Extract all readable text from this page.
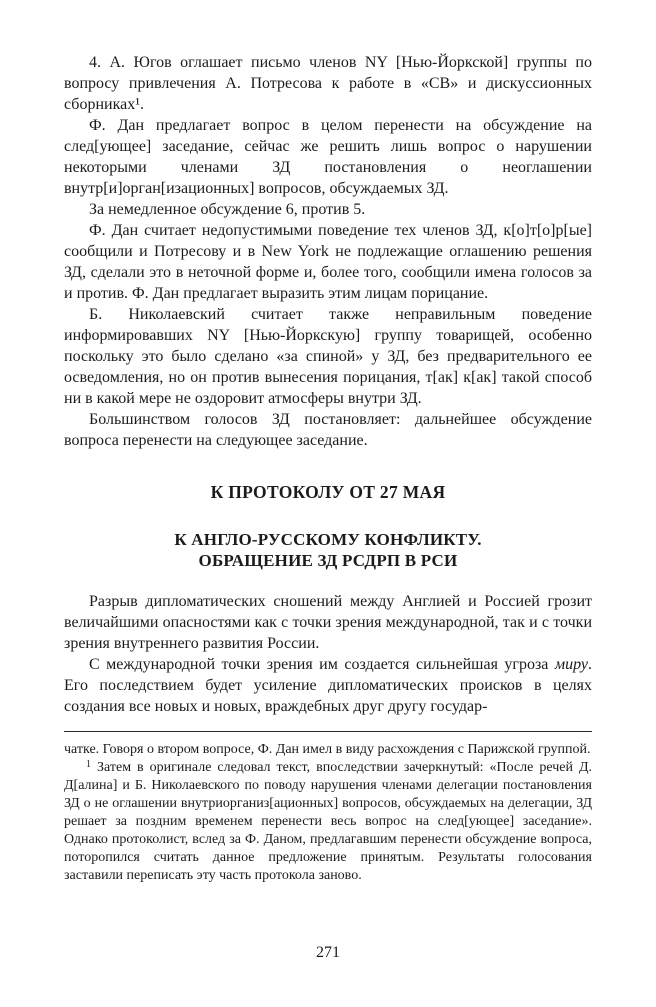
4. А. Югов оглашает письмо членов NY [Нью-Йоркской] группы по вопросу привлечения А. Потресова к работе в «СВ» и дискуссионных сборниках¹.

Ф. Дан предлагает вопрос в целом перенести на обсуждение на след[ующее] заседание, сейчас же решить лишь вопрос о нарушении некоторыми членами ЗД постановления о неоглашении внутр[и]орган[изационных] вопросов, обсуждаемых ЗД.

За немедленное обсуждение 6, против 5.

Ф. Дан считает недопустимыми поведение тех членов ЗД, к[о]т[о]р[ые] сообщили и Потресову и в New York не подлежащие оглашению решения ЗД, сделали это в неточной форме и, более того, сообщили имена голосов за и против. Ф. Дан предлагает выразить этим лицам порицание.

Б. Николаевский считает также неправильным поведение информировавших NY [Нью-Йоркскую] группу товарищей, особенно поскольку это было сделано «за спиной» у ЗД, без предварительного ее осведомления, но он против вынесения порицания, т[ак] к[ак] такой способ ни в какой мере не оздоровит атмосферы внутри ЗД.

Большинством голосов ЗД постановляет: дальнейшее обсуждение вопроса перенести на следующее заседание.

К ПРОТОКОЛУ ОТ 27 МАЯ
К АНГЛО-РУССКОМУ КОНФЛИКТУ.
ОБРАЩЕНИЕ ЗД РСДРП В РСИ

Разрыв дипломатических сношений между Англией и Россией грозит величайшими опасностями как с точки зрения международной, так и с точки зрения внутреннего развития России.

С международной точки зрения им создается сильнейшая угроза миру. Его последствием будет усиление дипломатических происков в целях создания все новых и новых, враждебных друг другу государ-

чатке. Говоря о втором вопросе, Ф. Дан имел в виду расхождения с Парижской группой.

$^1$ Затем в оригинале следовал текст, впоследствии зачеркнутый: «После речей Д. Д[алина] и Б. Николаевского по поводу нарушения членами делегации постановления ЗД о не оглашении внутриорганиз[ационных] вопросов, обсуждаемых на делегации, ЗД решает за поздним временем перенести весь вопрос на след[ующее] заседание». Однако протоколист, вслед за Ф. Даном, предлагавшим перенести обсуждение вопроса, поторопился считать данное предложение принятым. Результаты голосования заставили переписать эту часть протокола заново.

271
